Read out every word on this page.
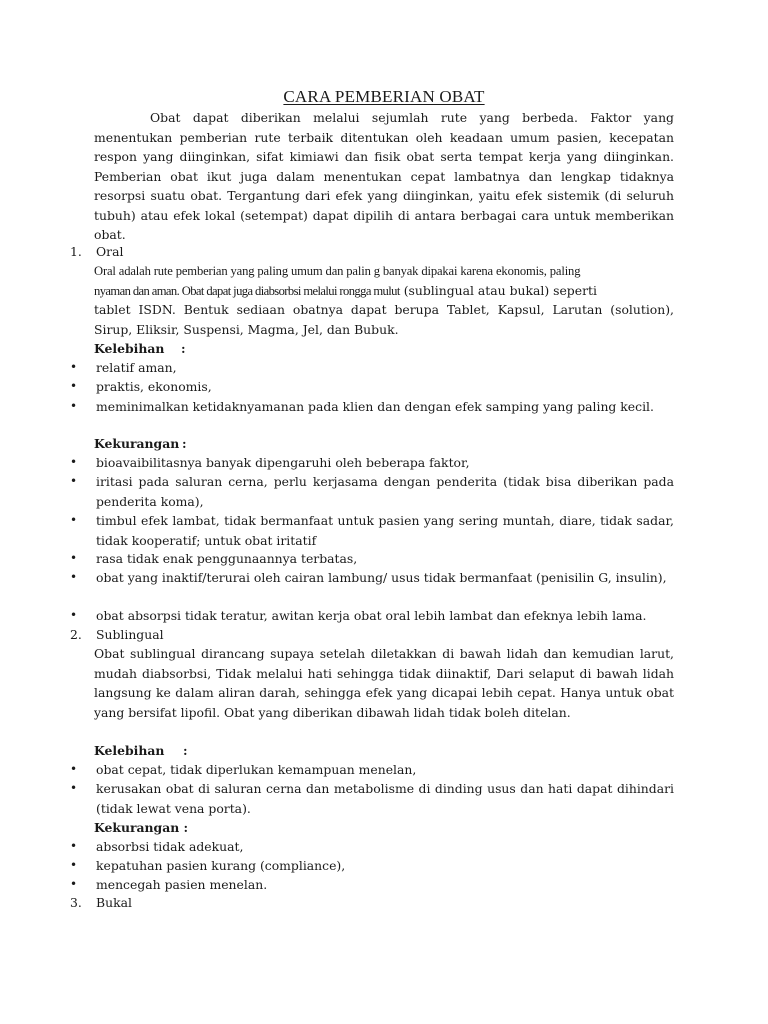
CARA PEMBERIAN OBAT
Obat dapat diberikan melalui sejumlah rute yang berbeda. Faktor yang menentukan pemberian rute terbaik ditentukan oleh keadaan umum pasien, kecepatan respon yang diinginkan, sifat kimiawi dan fisik obat serta tempat kerja yang diinginkan. Pemberian obat ikut juga dalam menentukan cepat lambatnya dan lengkap tidaknya resorpsi suatu obat. Tergantung dari efek yang diinginkan, yaitu efek sistemik (di seluruh tubuh) atau efek lokal (setempat) dapat dipilih di antara berbagai cara untuk memberikan obat.
1. Oral
Oral adalah rute pemberian yang paling umum dan palin g banyak dipakai karena ekonomis, paling
nyaman dan aman. Obat dapat juga diabsorbsi melalui rongga mulut (sublingual atau bukal) seperti
tablet ISDN. Bentuk sediaan obatnya dapat berupa Tablet, Kapsul, Larutan (solution), Sirup, Eliksir, Suspensi, Magma, Jel, dan Bubuk.
Kelebihan :
• relatif aman,
• praktis, ekonomis,
• meminimalkan ketidaknyamanan pada klien dan dengan efek samping yang paling kecil.
Kekurangan :
• bioavaibilitasnya banyak dipengaruhi oleh beberapa faktor,
• iritasi pada saluran cerna, perlu kerjasama dengan penderita (tidak bisa diberikan pada penderita koma),
• timbul efek lambat, tidak bermanfaat untuk pasien yang sering muntah, diare, tidak sadar, tidak kooperatif; untuk obat iritatif
• rasa tidak enak penggunaannya terbatas,
• obat yang inaktif/terurai oleh cairan lambung/ usus tidak bermanfaat (penisilin G, insulin),
• obat absorpsi tidak teratur, awitan kerja obat oral lebih lambat dan efeknya lebih lama.
2. Sublingual
Obat sublingual dirancang supaya setelah diletakkan di bawah lidah dan kemudian larut, mudah diabsorbsi, Tidak melalui hati sehingga tidak diinaktif, Dari selaput di bawah lidah langsung ke dalam aliran darah, sehingga efek yang dicapai lebih cepat. Hanya untuk obat yang bersifat lipofil. Obat yang diberikan dibawah lidah tidak boleh ditelan.
Kelebihan :
• obat cepat, tidak diperlukan kemampuan menelan,
• kerusakan obat di saluran cerna dan metabolisme di dinding usus dan hati dapat dihindari (tidak lewat vena porta).
Kekurangan :
• absorbsi tidak adekuat,
• kepatuhan pasien kurang (compliance),
• mencegah pasien menelan.
3. Bukal
